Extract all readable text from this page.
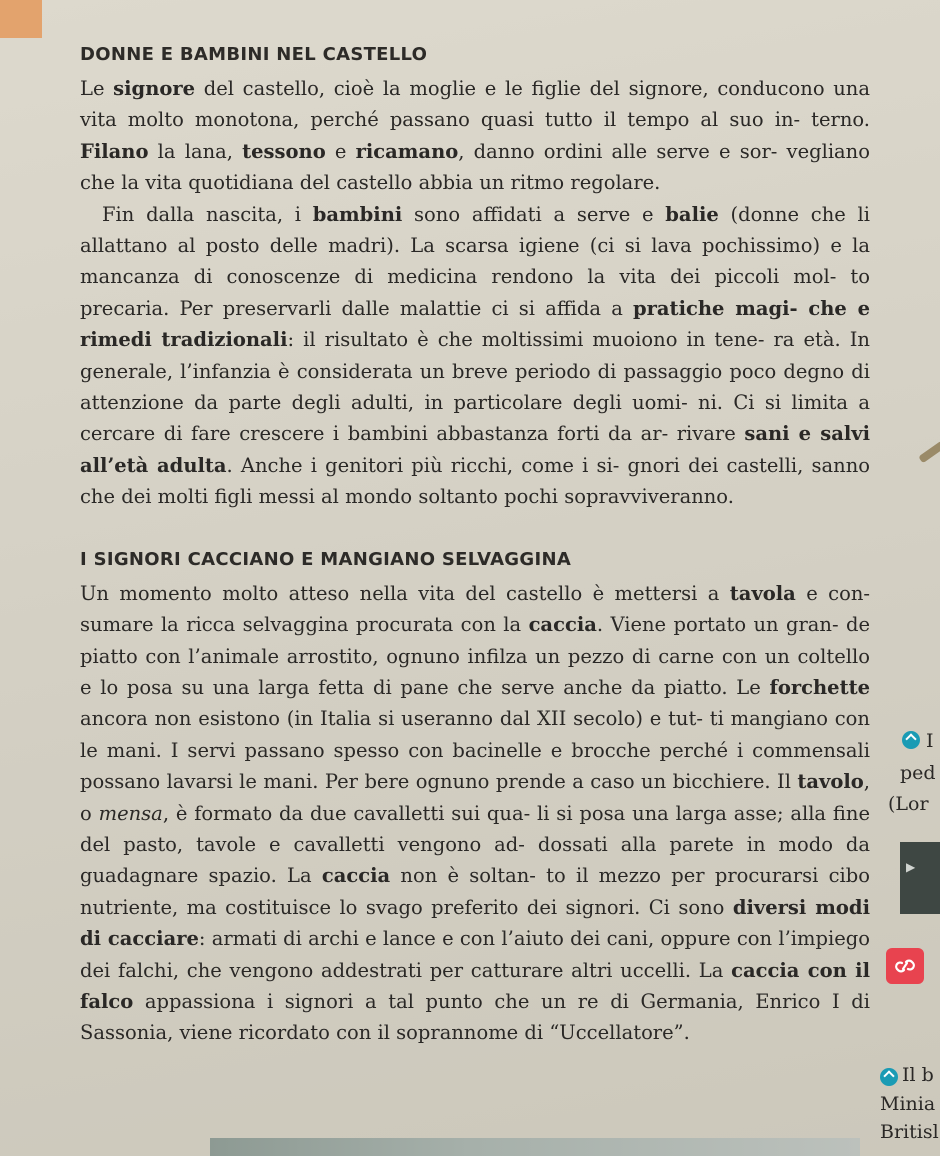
DONNE E BAMBINI NEL CASTELLO

Le signore del castello, cioè la moglie e le figlie del signore, conducono una vita molto monotona, perché passano quasi tutto il tempo al suo in- terno. Filano la lana, tessono e ricamano, danno ordini alle serve e sor- vegliano che la vita quotidiana del castello abbia un ritmo regolare.

Fin dalla nascita, i bambini sono affidati a serve e balie (donne che li allattano al posto delle madri). La scarsa igiene (ci si lava pochissimo) e la mancanza di conoscenze di medicina rendono la vita dei piccoli mol- to precaria. Per preservarli dalle malattie ci si affida a pratiche magi- che e rimedi tradizionali: il risultato è che moltissimi muoiono in tene- ra età. In generale, l’infanzia è considerata un breve periodo di passaggio poco degno di attenzione da parte degli adulti, in particolare degli uomi- ni. Ci si limita a cercare di fare crescere i bambini abbastanza forti da ar- rivare sani e salvi all’età adulta. Anche i genitori più ricchi, come i si- gnori dei castelli, sanno che dei molti figli messi al mondo soltanto pochi sopravviveranno.

I SIGNORI CACCIANO E MANGIANO SELVAGGINA

Un momento molto atteso nella vita del castello è mettersi a tavola e con- sumare la ricca selvaggina procurata con la caccia. Viene portato un gran- de piatto con l’animale arrostito, ognuno infilza un pezzo di carne con un coltello e lo posa su una larga fetta di pane che serve anche da piatto. Le forchette ancora non esistono (in Italia si useranno dal XII secolo) e tut- ti mangiano con le mani. I servi passano spesso con bacinelle e brocche perché i commensali possano lavarsi le mani. Per bere ognuno prende a caso un bicchiere. Il tavolo, o mensa, è formato da due cavalletti sui qua- li si posa una larga asse; alla fine del pasto, tavole e cavalletti vengono ad- dossati alla parete in modo da guadagnare spazio. La caccia non è soltan- to il mezzo per procurarsi cibo nutriente, ma costituisce lo svago preferito dei signori. Ci sono diversi modi di cacciare: armati di archi e lance e con l’aiuto dei cani, oppure con l’impiego dei falchi, che vengono addestrati per catturare altri uccelli. La caccia con il falco appassiona i signori a tal punto che un re di Germania, Enrico I di Sassonia, viene ricordato con il soprannome di “Uccellatore”.

I
ped
(Lor
▶
Il b
Minia
Britisl
